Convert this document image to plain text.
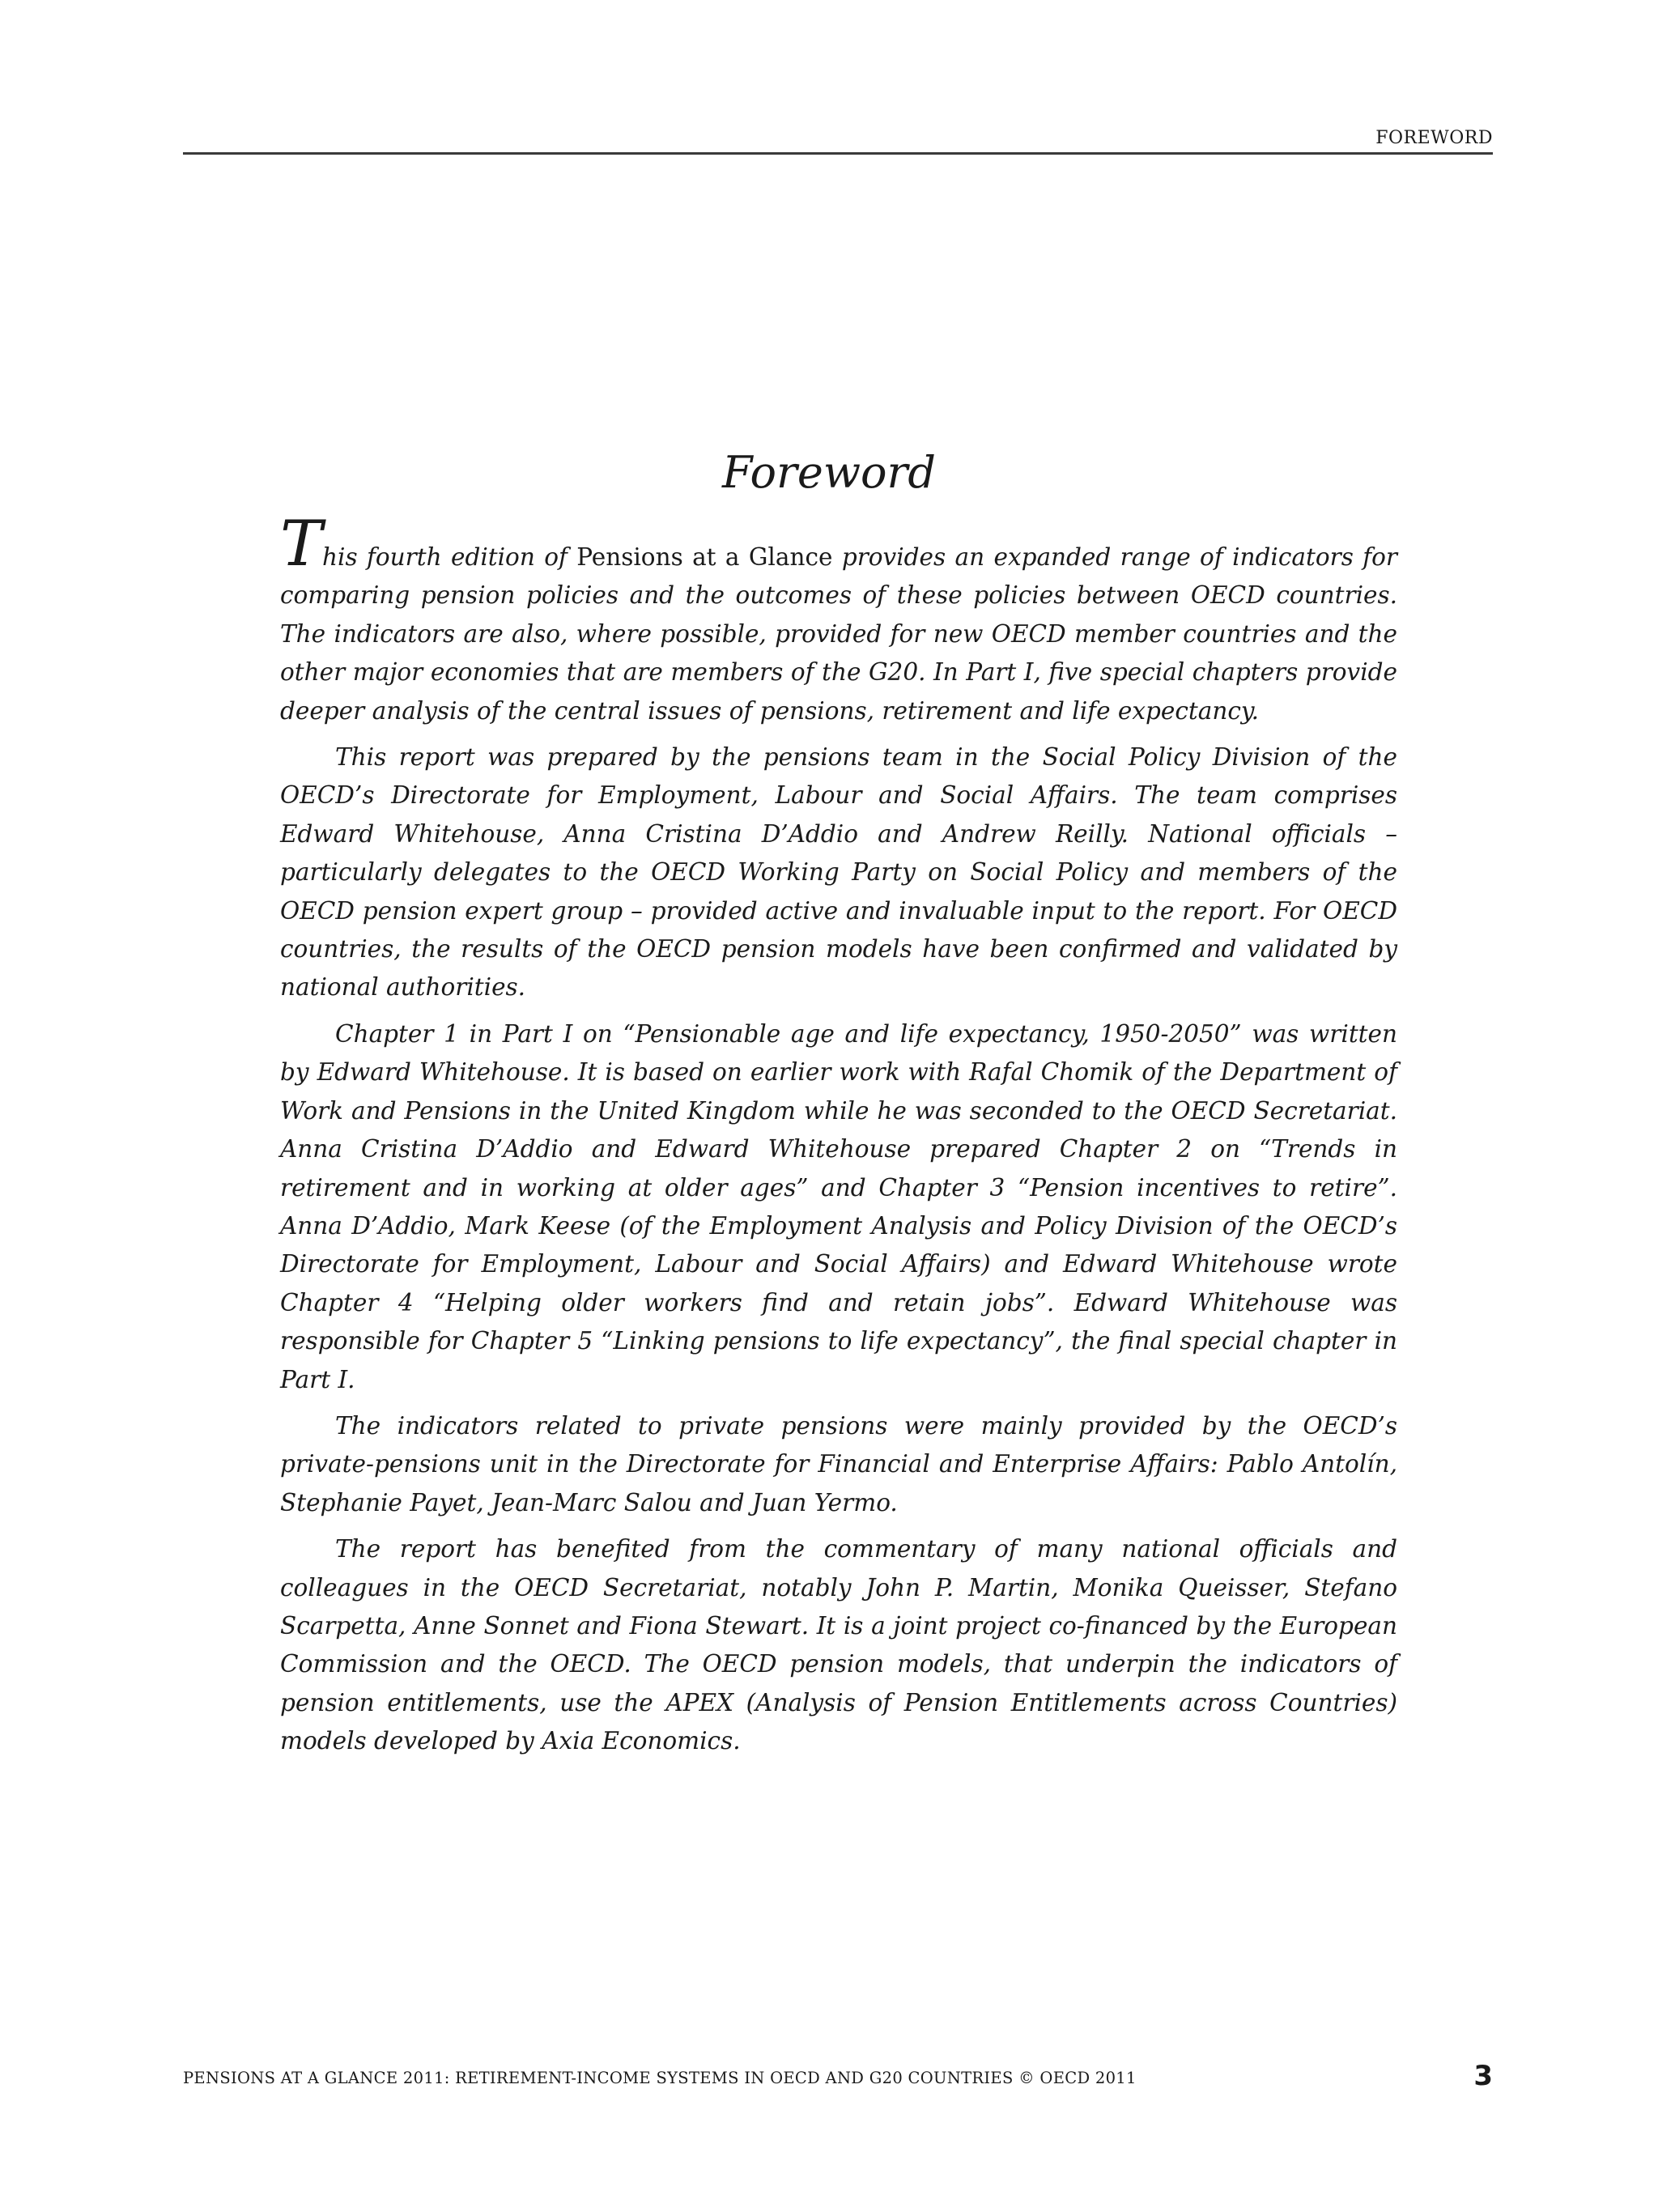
FOREWORD
Foreword

This fourth edition of Pensions at a Glance provides an expanded range of indicators for comparing pension policies and the outcomes of these policies between OECD countries. The indicators are also, where possible, provided for new OECD member countries and the other major economies that are members of the G20. In Part I, five special chapters provide deeper analysis of the central issues of pensions, retirement and life expectancy.

This report was prepared by the pensions team in the Social Policy Division of the OECD’s Directorate for Employment, Labour and Social Affairs. The team comprises Edward Whitehouse, Anna Cristina D’Addio and Andrew Reilly. National officials – particularly delegates to the OECD Working Party on Social Policy and members of the OECD pension expert group – provided active and invaluable input to the report. For OECD countries, the results of the OECD pension models have been confirmed and validated by national authorities.

Chapter 1 in Part I on “Pensionable age and life expectancy, 1950-2050” was written by Edward Whitehouse. It is based on earlier work with Rafal Chomik of the Department of Work and Pensions in the United Kingdom while he was seconded to the OECD Secretariat. Anna Cristina D’Addio and Edward Whitehouse prepared Chapter 2 on “Trends in retirement and in working at older ages” and Chapter 3 “Pension incentives to retire”. Anna D’Addio, Mark Keese (of the Employment Analysis and Policy Division of the OECD’s Directorate for Employment, Labour and Social Affairs) and Edward Whitehouse wrote Chapter 4 “Helping older workers find and retain jobs”. Edward Whitehouse was responsible for Chapter 5 “Linking pensions to life expectancy”, the final special chapter in Part I.

The indicators related to private pensions were mainly provided by the OECD’s private-pensions unit in the Directorate for Financial and Enterprise Affairs: Pablo Antolín, Stephanie Payet, Jean-Marc Salou and Juan Yermo.

The report has benefited from the commentary of many national officials and colleagues in the OECD Secretariat, notably John P. Martin, Monika Queisser, Stefano Scarpetta, Anne Sonnet and Fiona Stewart. It is a joint project co-financed by the European Commission and the OECD. The OECD pension models, that underpin the indicators of pension entitlements, use the APEX (Analysis of Pension Entitlements across Countries) models developed by Axia Economics.

PENSIONS AT A GLANCE 2011: RETIREMENT-INCOME SYSTEMS IN OECD AND G20 COUNTRIES © OECD 2011	3
